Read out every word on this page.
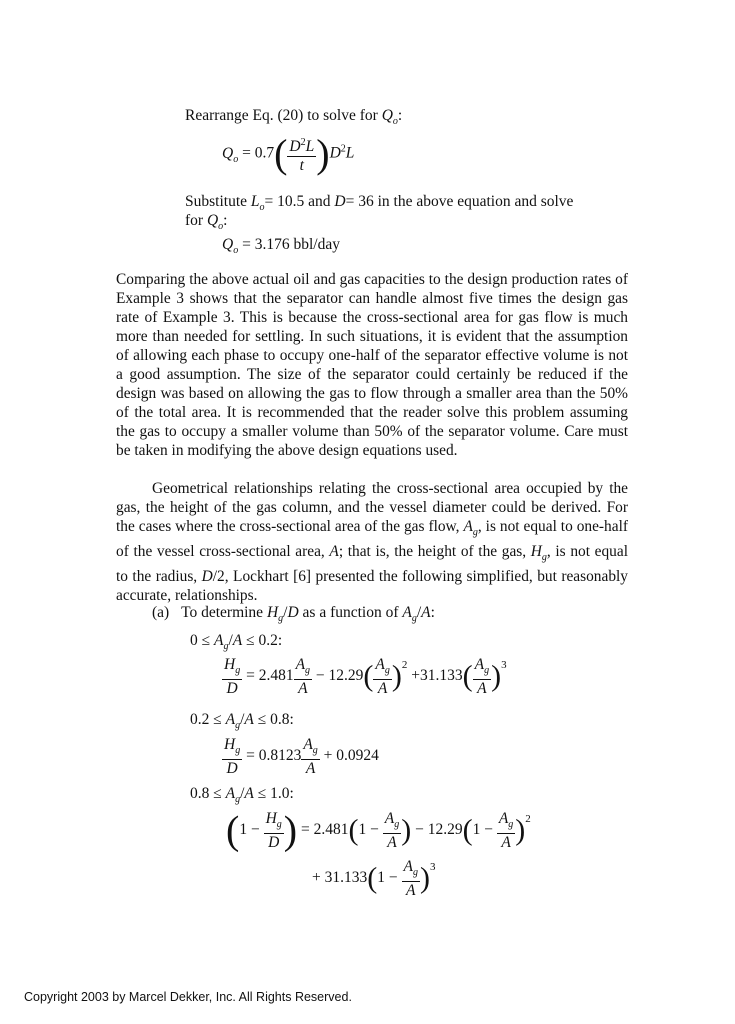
Rearrange Eq. (20) to solve for $Q_o$:
$Q_o = 0.7( \frac{D^2L}{t} )D^2L$
Substitute $L_o= 10.5$ and D= 36 in the above equation and solve
for $Q_o$:
$Q_o = 3.176$ bbl/day

Comparing the above actual oil and gas capacities to the design production rates of Example 3 shows that the separator can handle almost five times the design gas rate of Example 3. This is because the cross-sectional area for gas flow is much more than needed for settling. In such situations, it is evident that the assumption of allowing each phase to occupy one-half of the separator effective volume is not a good assumption. The size of the separator could certainly be reduced if the design was based on allowing the gas to flow through a smaller area than the 50% of the total area. It is recommended that the reader solve this problem assuming the gas to occupy a smaller volume than 50% of the separator volume. Care must be taken in modifying the above design equations used.

Geometrical relationships relating the cross-sectional area occupied by the gas, the height of the gas column, and the vessel diameter could be derived. For the cases where the cross-sectional area of the gas flow, $A_g$, is not equal to one-half of the vessel cross-sectional area, A; that is, the height of the gas, $H_g$, is not equal to the radius, D/2, Lockhart [6] presented the following simplified, but reasonably accurate, relationships.

(a) To determine $H_g/D$ as a function of $A_g/A$:
$0 \le A_g/A \le 0.2$:
$\frac{H_g}{D} = 2.481 \frac{A_g}{A} - 12.29( \frac{A_g}{A} )^2 +31.133( \frac{A_g}{A} )^3$
$0.2 \le A_g/A \le 0.8$:
$\frac{H_g}{D} = 0.8123 \frac{A_g}{A} + 0.0924$
$0.8 \le A_g/A \le 1.0$:
($1 - \frac{H_g}{D}$ ) = $2.481(1 - \frac{A_g}{A}$ ) − $12.29(1 - \frac{A_g}{A} )^2$
+ $31.133(1 - \frac{A_g}{A} )^3$
Copyright 2003 by Marcel Dekker, Inc. All Rights Reserved.
